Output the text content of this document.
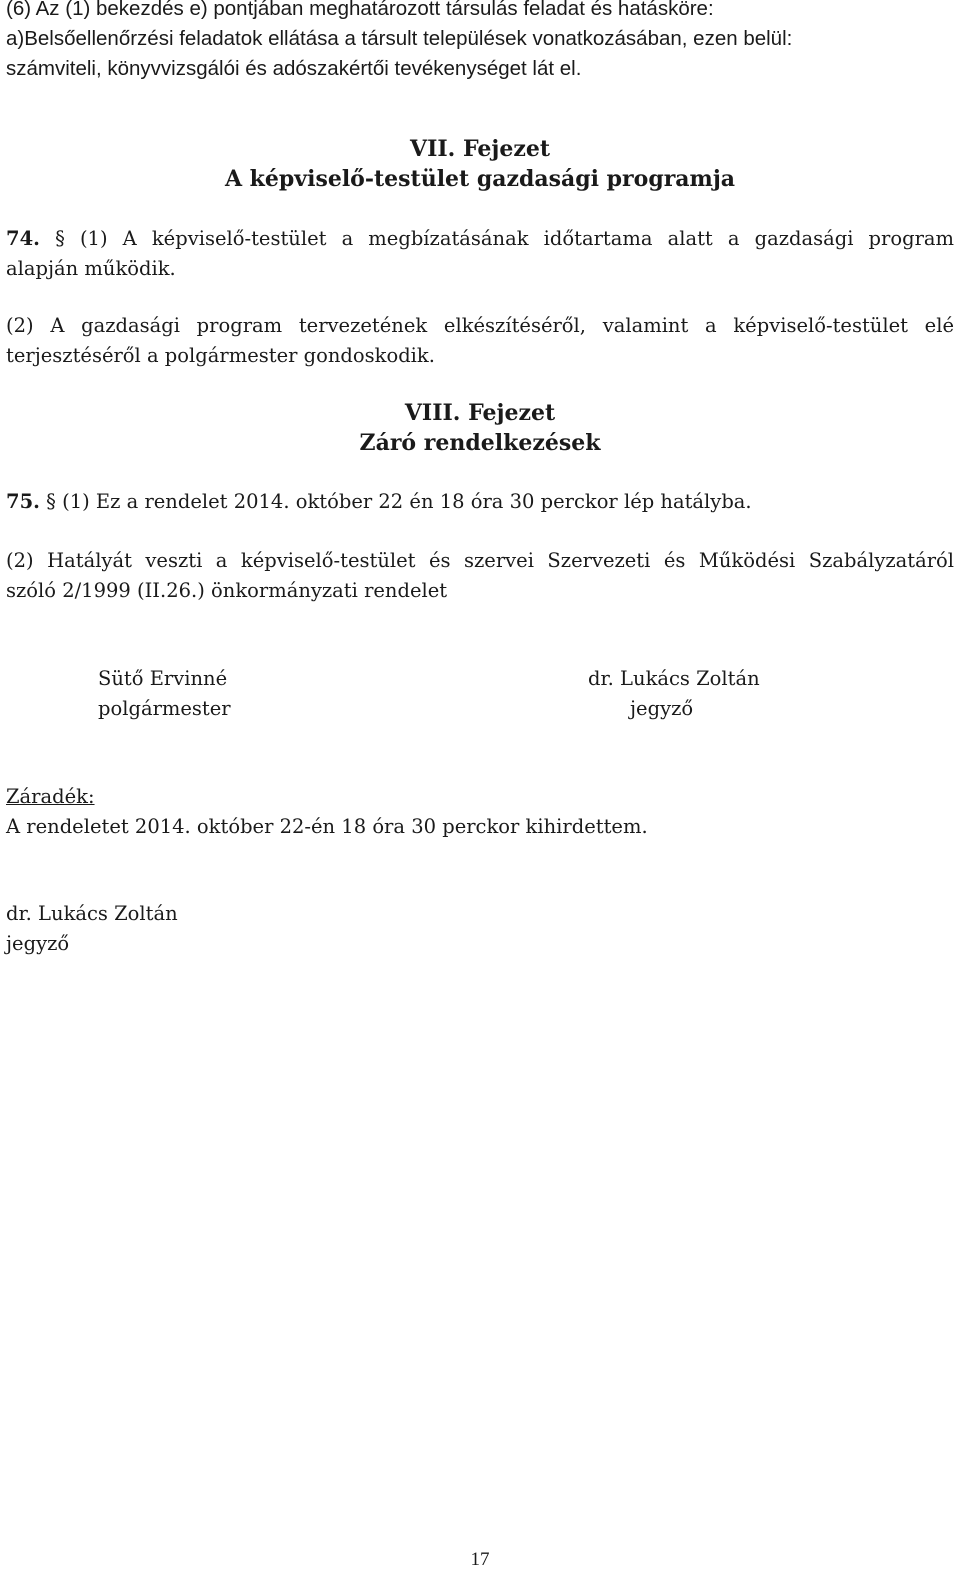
(6) Az (1) bekezdés e) pontjában meghatározott társulás feladat és hatásköre:
a)Belsőellenőrzési feladatok ellátása a társult települések vonatkozásában, ezen belül:
számviteli, könyvvizsgálói és adószakértői tevékenységet lát el.
VII. Fejezet
A képviselő-testület gazdasági programja
74. § (1) A képviselő-testület a megbízatásának időtartama alatt a gazdasági program
alapján működik.
(2) A gazdasági program tervezetének elkészítéséről, valamint a képviselő-testület elé
terjesztéséről a polgármester gondoskodik.
VIII. Fejezet
Záró rendelkezések
75. § (1) Ez a rendelet 2014. október 22 én 18 óra 30 perckor lép hatályba.
(2) Hatályát veszti a képviselő-testület és szervei Szervezeti és Működési Szabályzatáról
szóló 2/1999 (II.26.) önkormányzati rendelet
Sütő Ervinné
polgármester
dr. Lukács Zoltán
jegyző
Záradék:
A rendeletet 2014. október 22-én 18 óra 30 perckor kihirdettem.
dr. Lukács Zoltán
jegyző
17
